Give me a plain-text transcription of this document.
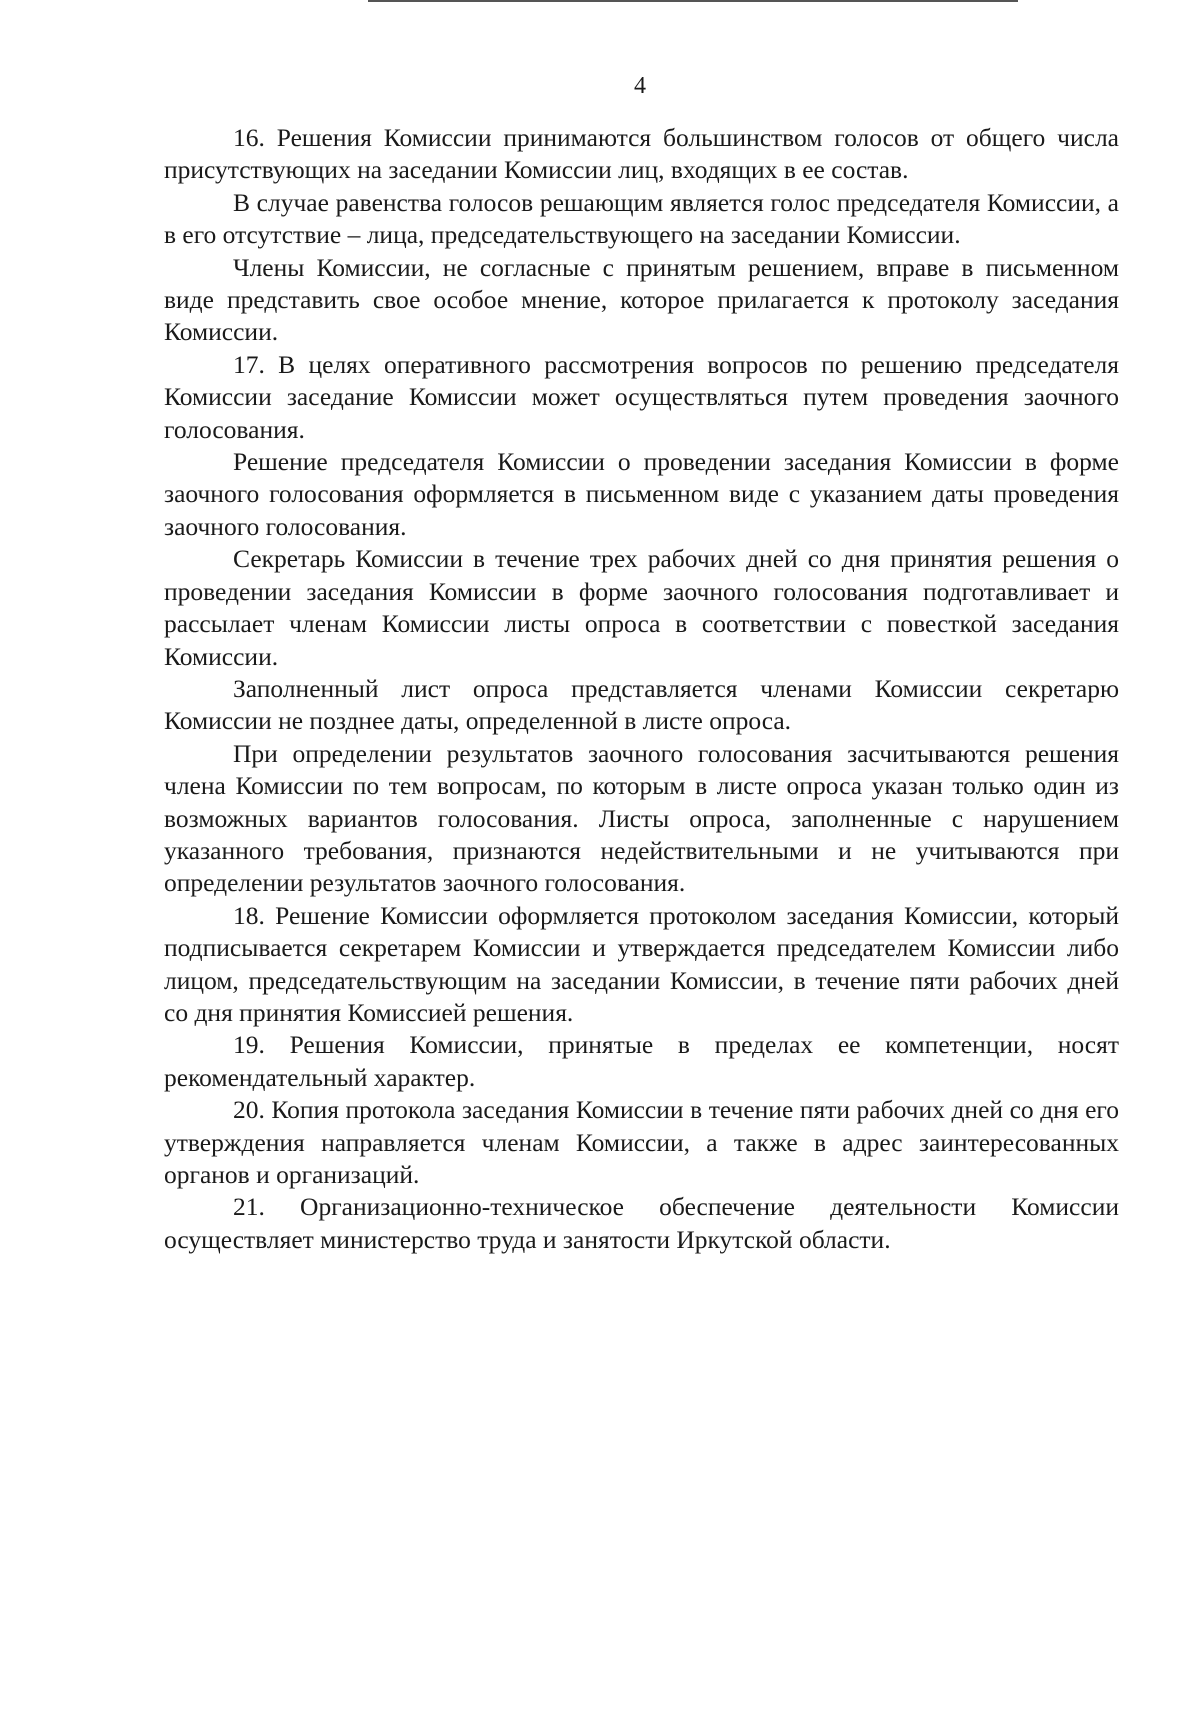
4

16. Решения Комиссии принимаются большинством голосов от общего числа присутствующих на заседании Комиссии лиц, входящих в ее состав.

В случае равенства голосов решающим является голос председателя Комиссии, а в его отсутствие – лица, председательствующего на заседании Комиссии.

Члены Комиссии, не согласные с принятым решением, вправе в письменном виде представить свое особое мнение, которое прилагается к протоколу заседания Комиссии.

17. В целях оперативного рассмотрения вопросов по решению председателя Комиссии заседание Комиссии может осуществляться путем проведения заочного голосования.

Решение председателя Комиссии о проведении заседания Комиссии в форме заочного голосования оформляется в письменном виде с указанием даты проведения заочного голосования.

Секретарь Комиссии в течение трех рабочих дней со дня принятия решения о проведении заседания Комиссии в форме заочного голосования подготавливает и рассылает членам Комиссии листы опроса в соответствии с повесткой заседания Комиссии.

Заполненный лист опроса представляется членами Комиссии секретарю Комиссии не позднее даты, определенной в листе опроса.

При определении результатов заочного голосования засчитываются решения члена Комиссии по тем вопросам, по которым в листе опроса указан только один из возможных вариантов голосования. Листы опроса, заполненные с нарушением указанного требования, признаются недействительными и не учитываются при определении результатов заочного голосования.

18. Решение Комиссии оформляется протоколом заседания Комиссии, который подписывается секретарем Комиссии и утверждается председателем Комиссии либо лицом, председательствующим на заседании Комиссии, в течение пяти рабочих дней со дня принятия Комиссией решения.

19. Решения Комиссии, принятые в пределах ее компетенции, носят рекомендательный характер.

20. Копия протокола заседания Комиссии в течение пяти рабочих дней со дня его утверждения направляется членам Комиссии, а также в адрес заинтересованных органов и организаций.

21. Организационно-техническое обеспечение деятельности Комиссии осуществляет министерство труда и занятости Иркутской области.
